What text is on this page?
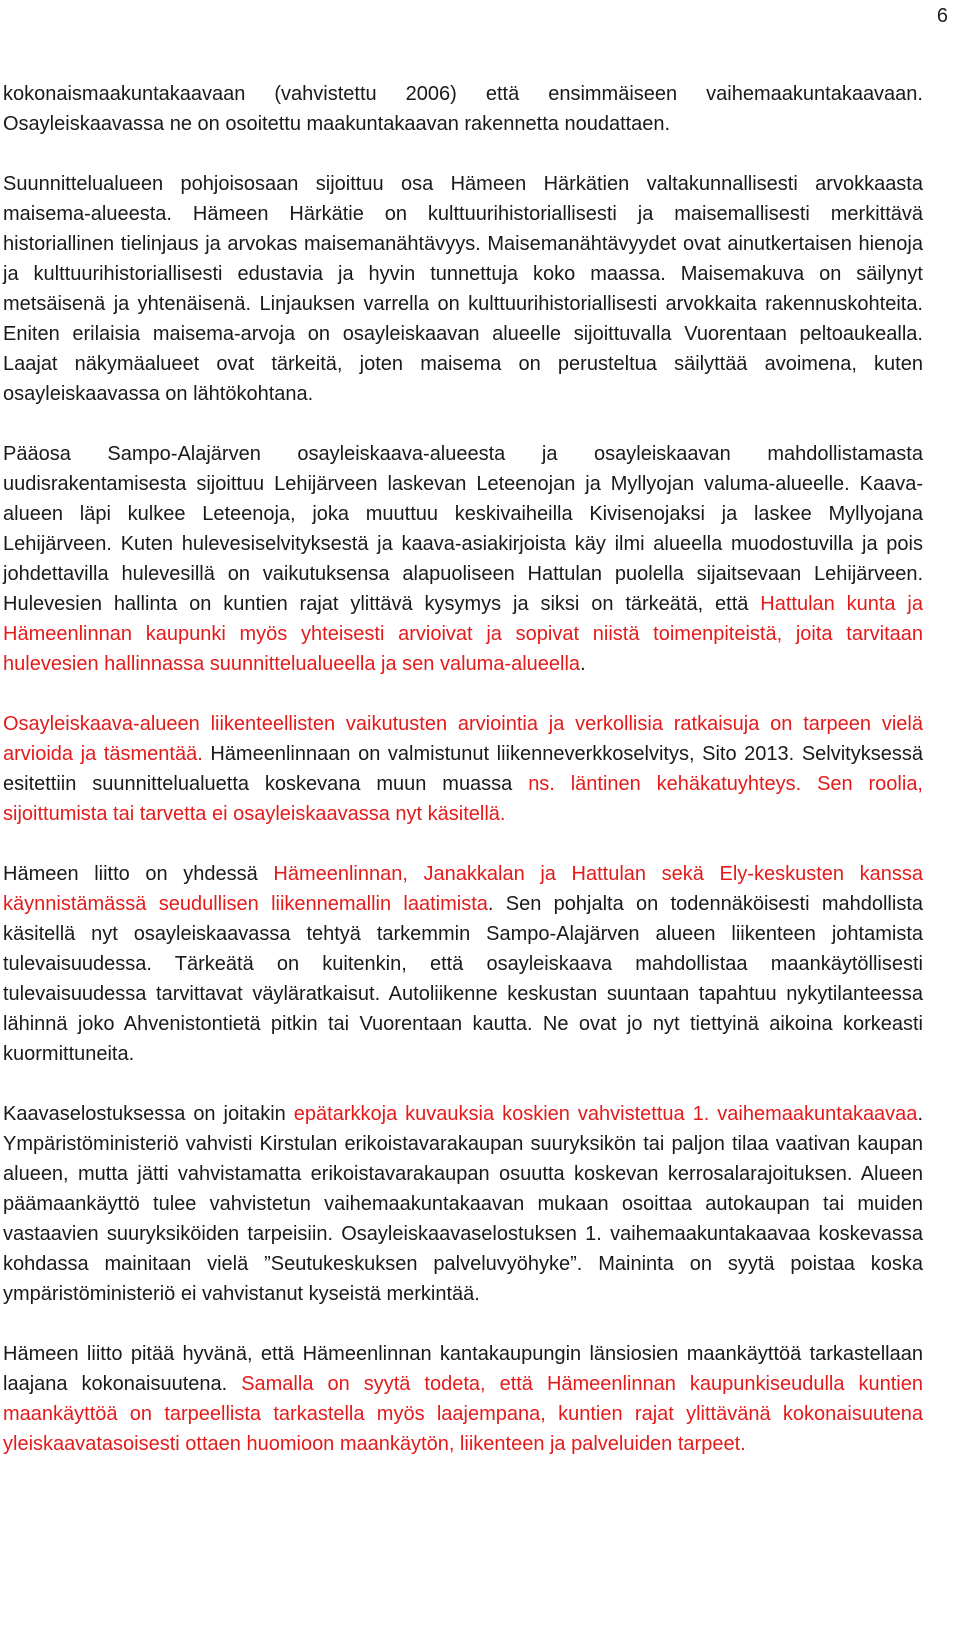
6

kokonaismaakuntakaavaan (vahvistettu 2006) että ensimmäiseen vaihemaakuntakaavaan. Osayleiskaavassa ne on osoitettu maakuntakaavan rakennetta noudattaen.

Suunnittelualueen pohjoisosaan sijoittuu osa Hämeen Härkätien valtakunnallisesti arvokkaasta maisema-alueesta. Hämeen Härkätie on kulttuurihistoriallisesti ja maisemallisesti merkittävä historiallinen tielinjaus ja arvokas maisemanähtävyys. Maisemanähtävyydet ovat ainutkertaisen hienoja ja kulttuurihistoriallisesti edustavia ja hyvin tunnettuja koko maassa. Maisemakuva on säilynyt metsäisenä ja yhtenäisenä. Linjauksen varrella on kulttuurihistoriallisesti arvokkaita rakennuskohteita. Eniten erilaisia maisema-arvoja on osayleiskaavan alueelle sijoittuvalla Vuorentaan peltoaukealla. Laajat näkymäalueet ovat tärkeitä, joten maisema on perusteltua säilyttää avoimena, kuten osayleiskaavassa on lähtökohtana.

Pääosa Sampo-Alajärven osayleiskaava-alueesta ja osayleiskaavan mahdollistamasta uudisrakentamisesta sijoittuu Lehijärveen laskevan Leteenojan ja Myllyojan valuma-alueelle. Kaava-alueen läpi kulkee Leteenoja, joka muuttuu keskivaiheilla Kivisenojaksi ja laskee Myllyojana Lehijärveen. Kuten hulevesiselvityksestä ja kaava-asiakirjoista käy ilmi alueella muodostuvilla ja pois johdettavilla hulevesillä on vaikutuksensa alapuoliseen Hattulan puolella sijaitsevaan Lehijärveen. Hulevesien hallinta on kuntien rajat ylittävä kysymys ja siksi on tärkeätä, että Hattulan kunta ja Hämeenlinnan kaupunki myös yhteisesti arvioivat ja sopivat niistä toimenpiteistä, joita tarvitaan hulevesien hallinnassa suunnittelualueella ja sen valuma-alueella.

Osayleiskaava-alueen liikenteellisten vaikutusten arviointia ja verkollisia ratkaisuja on tarpeen vielä arvioida ja täsmentää. Hämeenlinnaan on valmistunut liikenneverkkoselvitys, Sito 2013. Selvityksessä esitettiin suunnittelualuetta koskevana muun muassa ns. läntinen kehäkatuyhteys. Sen roolia, sijoittumista tai tarvetta ei osayleiskaavassa nyt käsitellä.

Hämeen liitto on yhdessä Hämeenlinnan, Janakkalan ja Hattulan sekä Ely-keskusten kanssa käynnistämässä seudullisen liikennemallin laatimista. Sen pohjalta on todennäköisesti mahdollista käsitellä nyt osayleiskaavassa tehtyä tarkemmin Sampo-Alajärven alueen liikenteen johtamista tulevaisuudessa. Tärkeätä on kuitenkin, että osayleiskaava mahdollistaa maankäytöllisesti tulevaisuudessa tarvittavat väyläratkaisut. Autoliikenne keskustan suuntaan tapahtuu nykytilanteessa lähinnä joko Ahvenistontietä pitkin tai Vuorentaan kautta. Ne ovat jo nyt tiettyinä aikoina korkeasti kuormittuneita.

Kaavaselostuksessa on joitakin epätarkkoja kuvauksia koskien vahvistettua 1. vaihemaakuntakaavaa. Ympäristöministeriö vahvisti Kirstulan erikoistavarakaupan suuryksikön tai paljon tilaa vaativan kaupan alueen, mutta jätti vahvistamatta erikoistavarakaupan osuutta koskevan kerrosalarajoituksen. Alueen päämaankäyttö tulee vahvistetun vaihemaakuntakaavan mukaan osoittaa autokaupan tai muiden vastaavien suuryksiköiden tarpeisiin. Osayleiskaavaselostuksen 1. vaihemaakuntakaavaa koskevassa kohdassa mainitaan vielä ”Seutukeskuksen palveluvyöhyke”. Maininta on syytä poistaa koska ympäristöministeriö ei vahvistanut kyseistä merkintää.

Hämeen liitto pitää hyvänä, että Hämeenlinnan kantakaupungin länsiosien maankäyttöä tarkastellaan laajana kokonaisuutena. Samalla on syytä todeta, että Hämeenlinnan kaupunkiseudulla kuntien maankäyttöä on tarpeellista tarkastella myös laajempana, kuntien rajat ylittävänä kokonaisuutena yleiskaavatasoisesti ottaen huomioon maankäytön, liikenteen ja palveluiden tarpeet.
